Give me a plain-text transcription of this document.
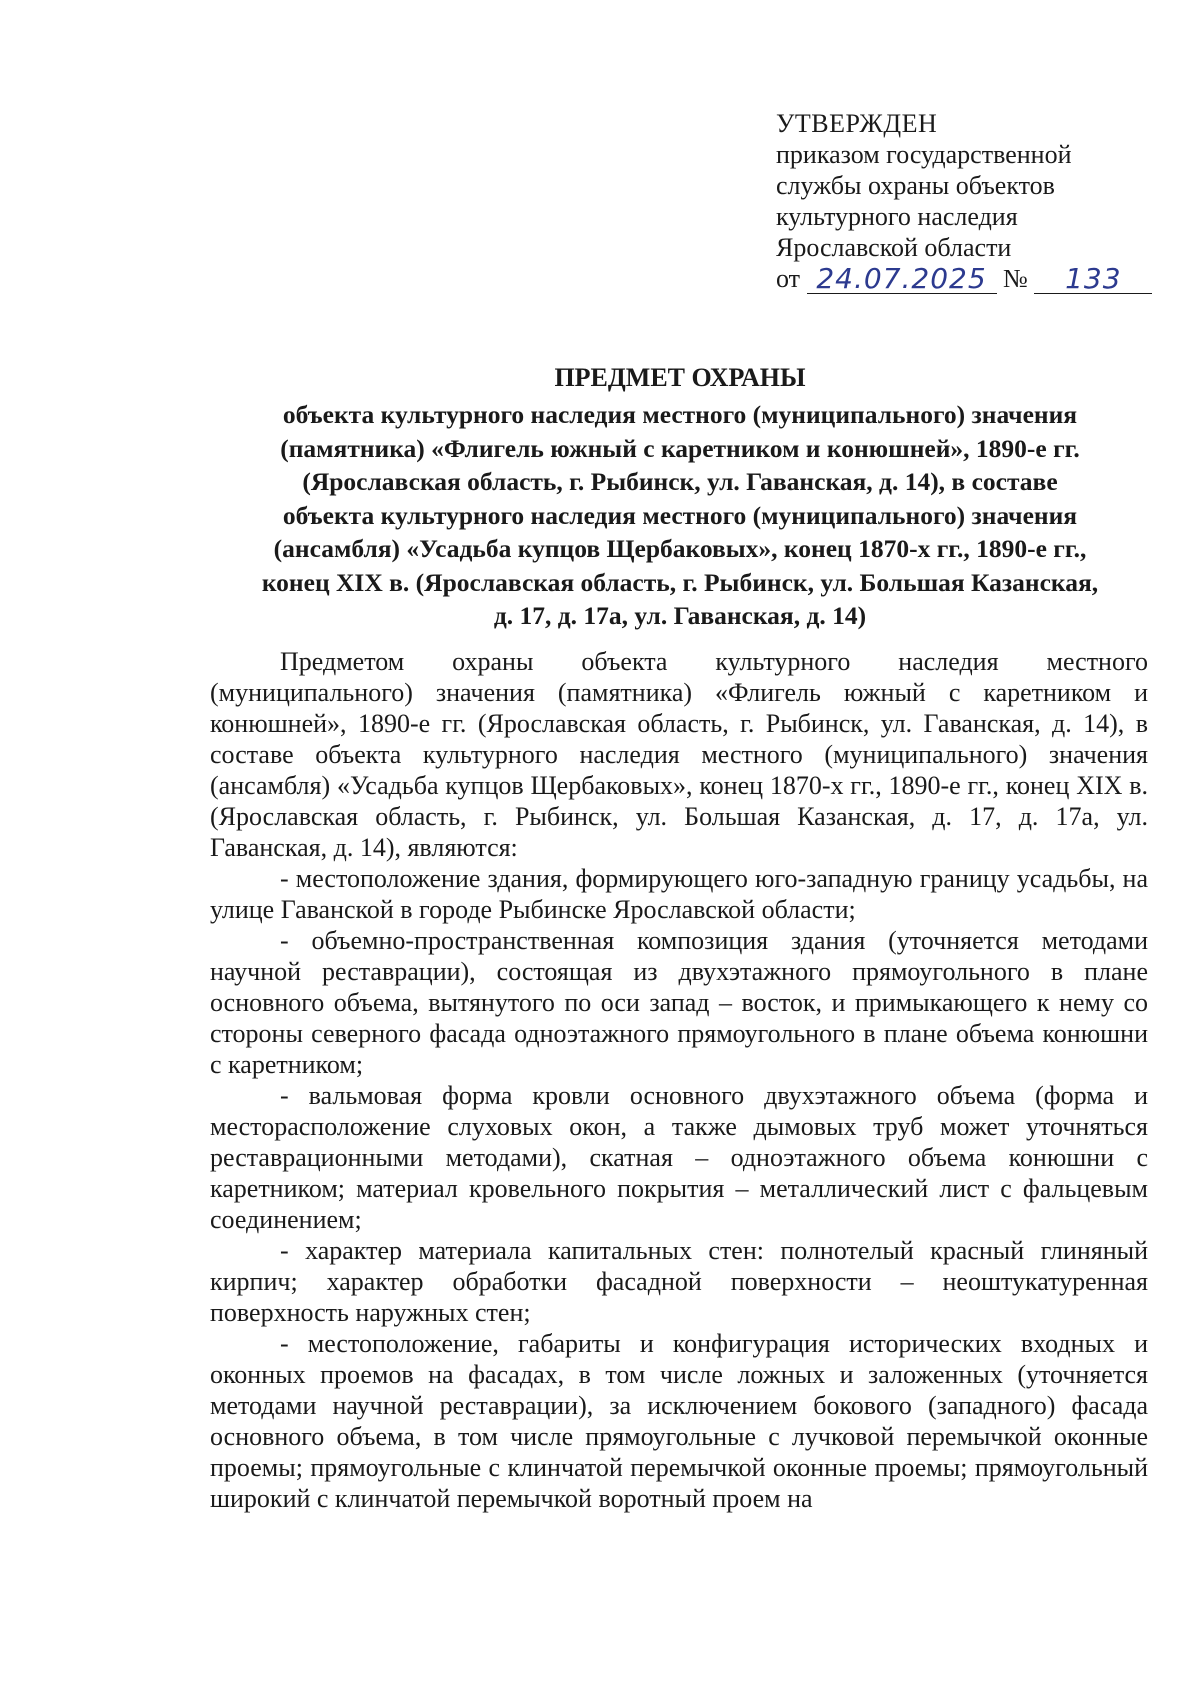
УТВЕРЖДЕН
приказом государственной
службы охраны объектов
культурного наследия
Ярославской области
от 24.07.2025 № 133
ПРЕДМЕТ ОХРАНЫ
объекта культурного наследия местного (муниципального) значения
(памятника) «Флигель южный с каретником и конюшней», 1890-е гг.
(Ярославская область, г. Рыбинск, ул. Гаванская, д. 14), в составе
объекта культурного наследия местного (муниципального) значения
(ансамбля) «Усадьба купцов Щербаковых», конец 1870-х гг., 1890-е гг.,
конец XIX в. (Ярославская область, г. Рыбинск, ул. Большая Казанская,
д. 17, д. 17а, ул. Гаванская, д. 14)

Предметом охраны объекта культурного наследия местного (муниципального) значения (памятника) «Флигель южный с каретником и конюшней», 1890-е гг. (Ярославская область, г. Рыбинск, ул. Гаванская, д. 14), в составе объекта культурного наследия местного (муниципального) значения (ансамбля) «Усадьба купцов Щербаковых», конец 1870-х гг., 1890-е гг., конец XIX в. (Ярославская область, г. Рыбинск, ул. Большая Казанская, д. 17, д. 17а, ул. Гаванская, д. 14), являются:

- местоположение здания, формирующего юго-западную границу усадьбы, на улице Гаванской в городе Рыбинске Ярославской области;

- объемно-пространственная композиция здания (уточняется методами научной реставрации), состоящая из двухэтажного прямоугольного в плане основного объема, вытянутого по оси запад – восток, и примыкающего к нему со стороны северного фасада одноэтажного прямоугольного в плане объема конюшни с каретником;

- вальмовая форма кровли основного двухэтажного объема (форма и месторасположение слуховых окон, а также дымовых труб может уточняться реставрационными методами), скатная – одноэтажного объема конюшни с каретником; материал кровельного покрытия – металлический лист с фальцевым соединением;

- характер материала капитальных стен: полнотелый красный глиняный кирпич; характер обработки фасадной поверхности – неоштукатуренная поверхность наружных стен;

- местоположение, габариты и конфигурация исторических входных и оконных проемов на фасадах, в том числе ложных и заложенных (уточняется методами научной реставрации), за исключением бокового (западного) фасада основного объема, в том числе прямоугольные с лучковой перемычкой оконные проемы; прямоугольные с клинчатой перемычкой оконные проемы; прямоугольный широкий с клинчатой перемычкой воротный проем на
